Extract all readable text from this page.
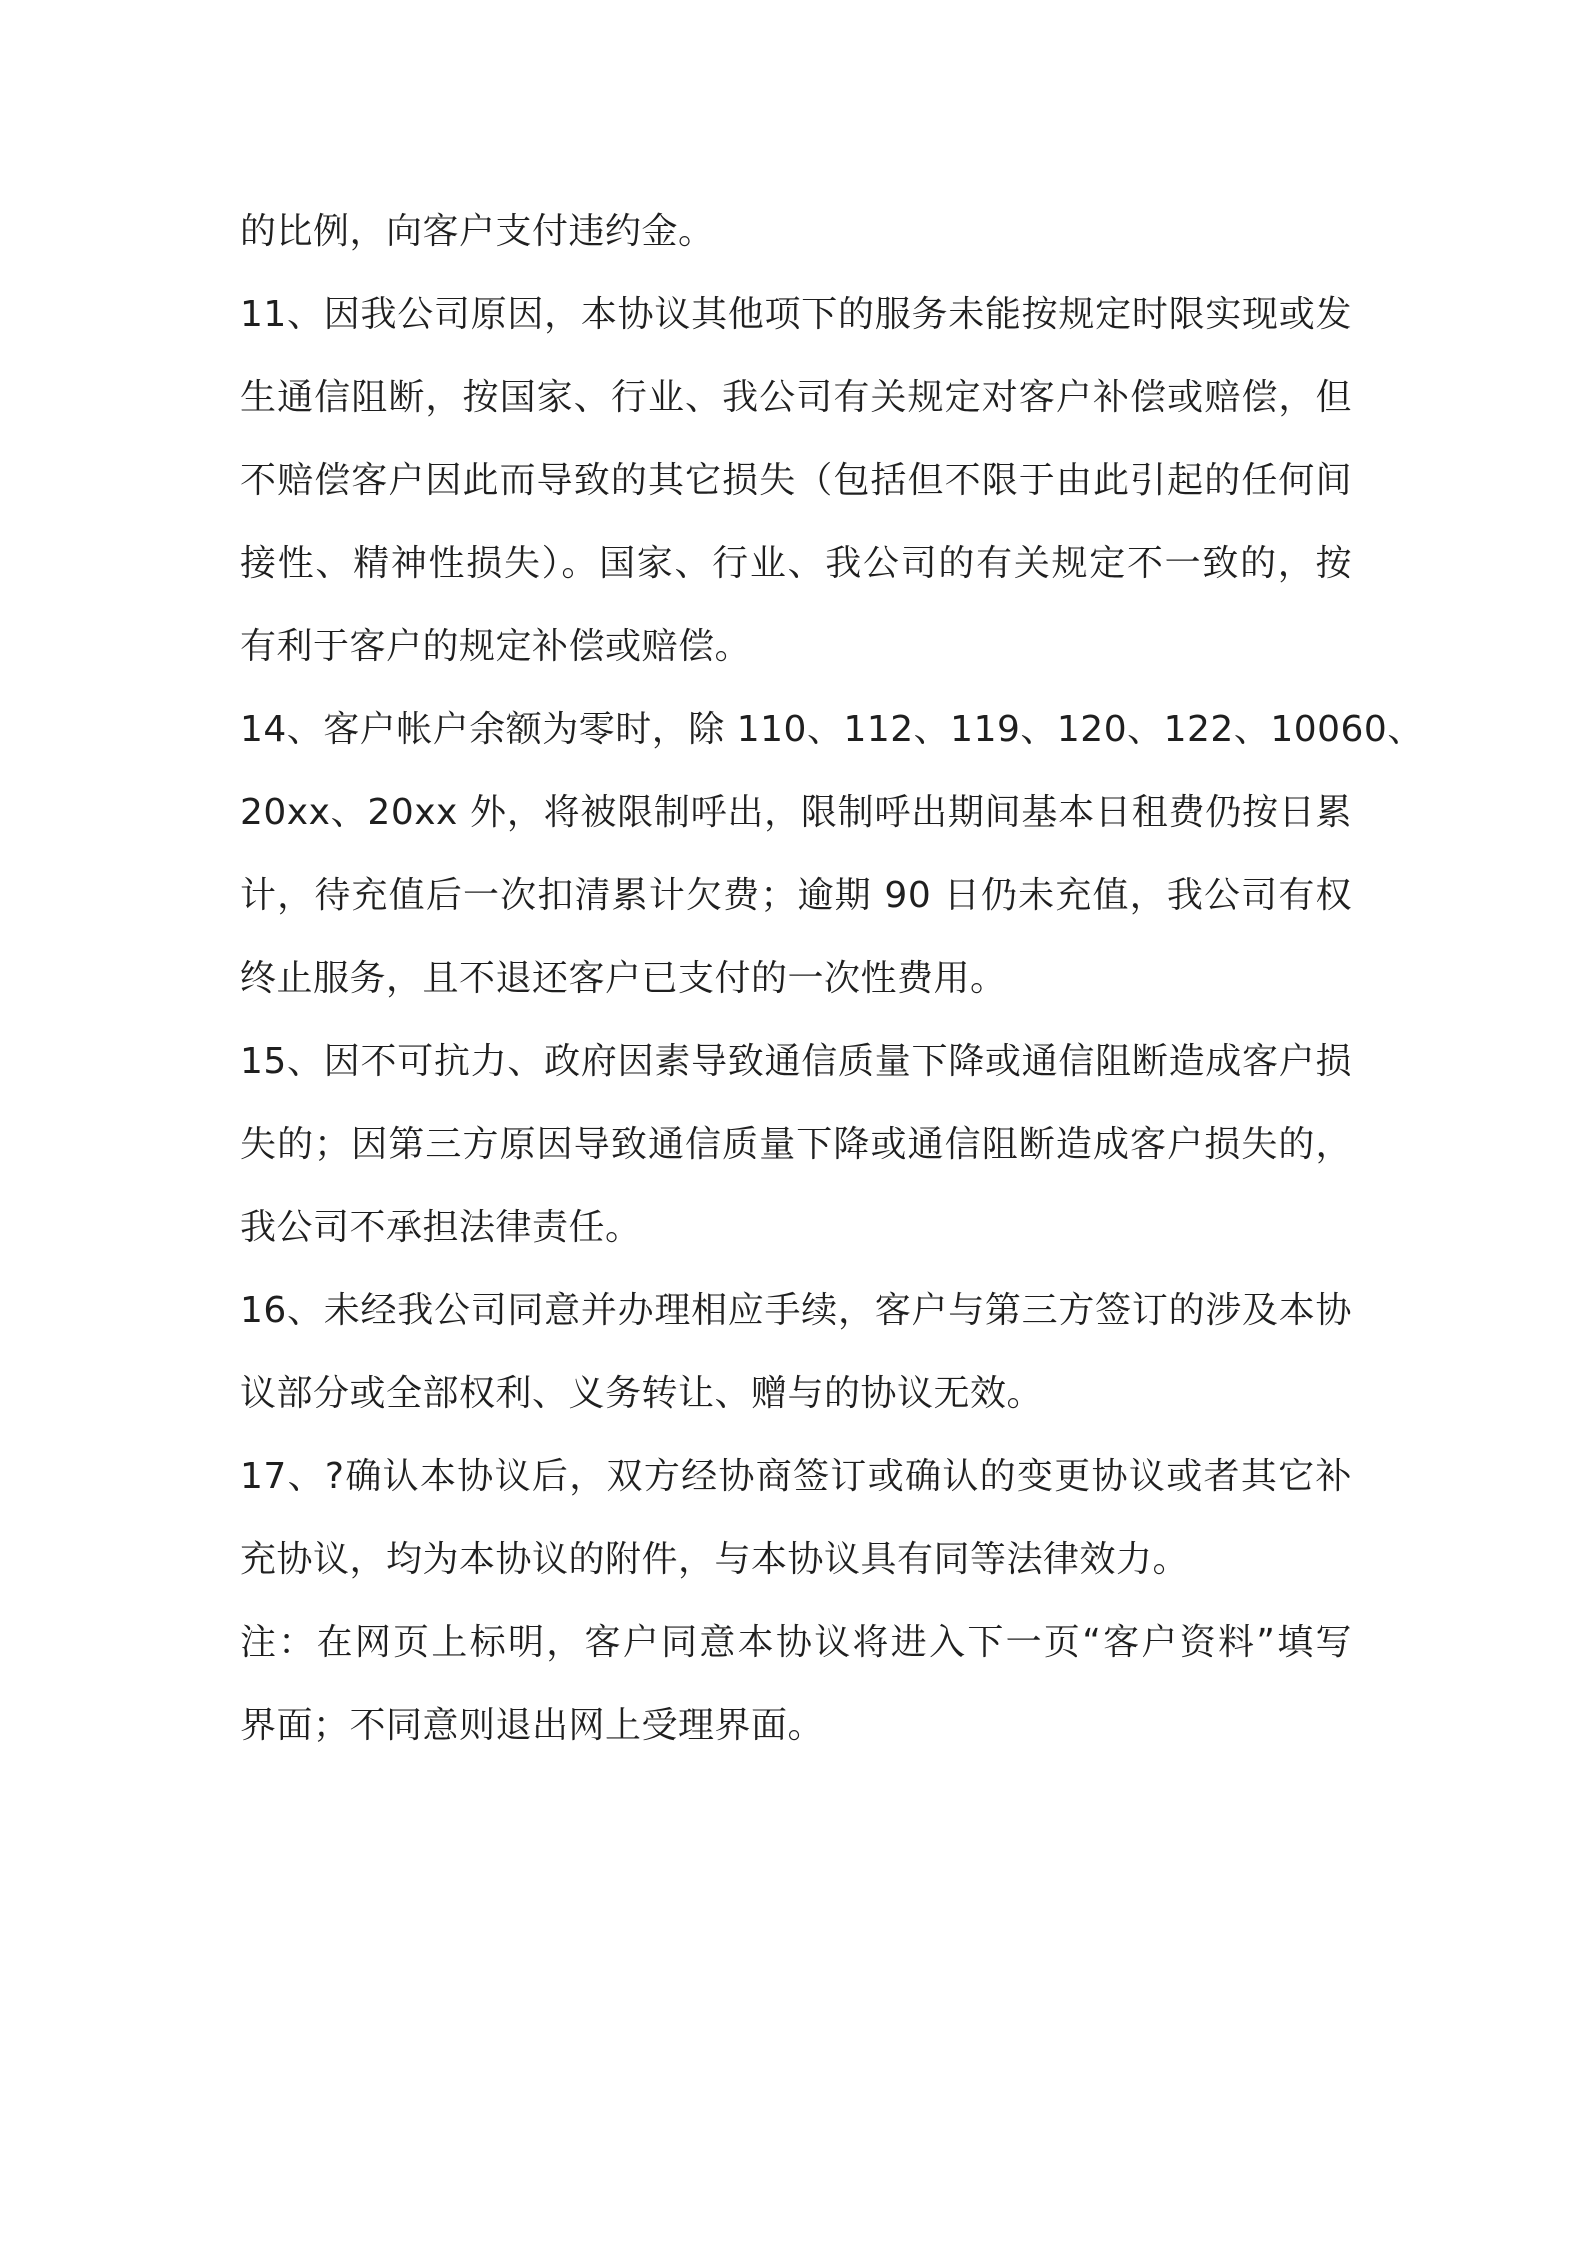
的比例，向客户支付违约金。
11、因我公司原因，本协议其他项下的服务未能按规定时限实现或发
生通信阻断，按国家、行业、我公司有关规定对客户补偿或赔偿，但
不赔偿客户因此而导致的其它损失（包括但不限于由此引起的任何间
接性、精神性损失）。国家、行业、我公司的有关规定不一致的，按
有利于客户的规定补偿或赔偿。
14、客户帐户余额为零时，除 110、112、119、120、122、10060、
20xx、20xx 外，将被限制呼出，限制呼出期间基本日租费仍按日累
计，待充值后一次扣清累计欠费；逾期 90 日仍未充值，我公司有权
终止服务，且不退还客户已支付的一次性费用。
15、因不可抗力、政府因素导致通信质量下降或通信阻断造成客户损
失的；因第三方原因导致通信质量下降或通信阻断造成客户损失的，
我公司不承担法律责任。
16、未经我公司同意并办理相应手续，客户与第三方签订的涉及本协
议部分或全部权利、义务转让、赠与的协议无效。
17、?确认本协议后，双方经协商签订或确认的变更协议或者其它补
充协议，均为本协议的附件，与本协议具有同等法律效力。
注：在网页上标明，客户同意本协议将进入下一页“客户资料”填写
界面；不同意则退出网上受理界面。
